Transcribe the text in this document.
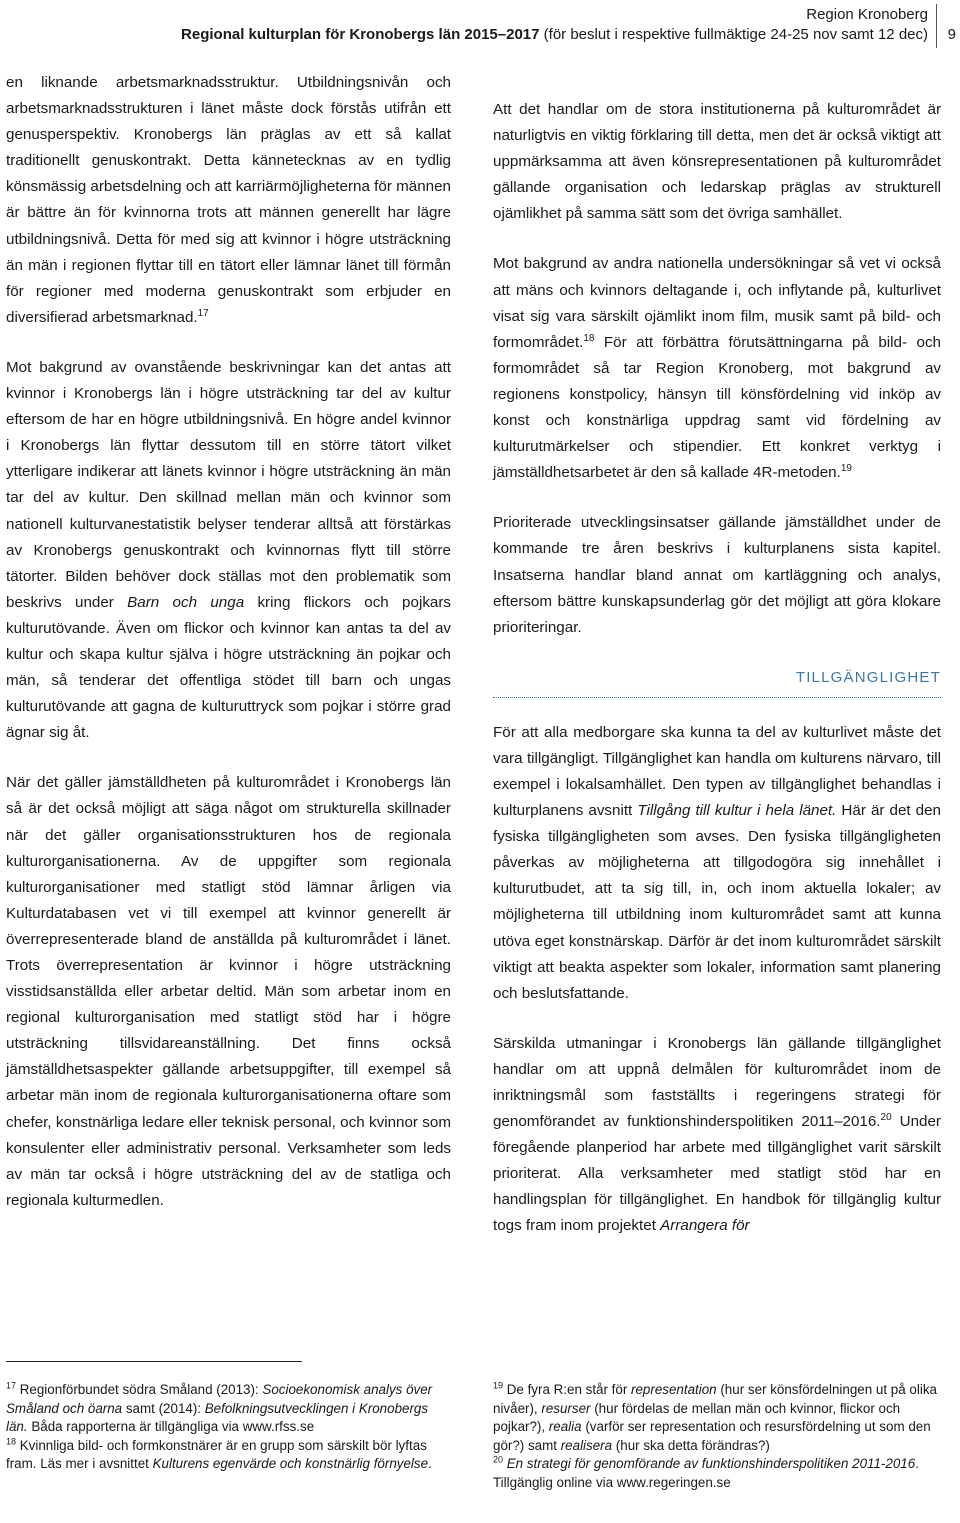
Region Kronoberg
Regional kulturplan för Kronobergs län 2015–2017 (för beslut i respektive fullmäktige 24-25 nov samt 12 dec) 9

en liknande arbetsmarknadsstruktur. Utbildningsnivån och arbetsmarknadsstrukturen i länet måste dock förstås utifrån ett genusperspektiv. Kronobergs län präglas av ett så kallat traditionellt genuskontrakt. Detta kännetecknas av en tydlig könsmässig arbetsdelning och att karriärmöjligheterna för männen är bättre än för kvinnorna trots att männen generellt har lägre utbildningsnivå. Detta för med sig att kvinnor i högre utsträckning än män i regionen flyttar till en tätort eller lämnar länet till förmån för regioner med moderna genuskontrakt som erbjuder en diversifierad arbetsmarknad.$^{17}$

Mot bakgrund av ovanstående beskrivningar kan det antas att kvinnor i Kronobergs län i högre utsträckning tar del av kultur eftersom de har en högre utbildningsnivå. En högre andel kvinnor i Kronobergs län flyttar dessutom till en större tätort vilket ytterligare indikerar att länets kvinnor i högre utsträckning än män tar del av kultur. Den skillnad mellan män och kvinnor som nationell kulturvanestatistik belyser tenderar alltså att förstärkas av Kronobergs genuskontrakt och kvinnornas flytt till större tätorter. Bilden behöver dock ställas mot den problematik som beskrivs under Barn och unga kring flickors och pojkars kulturutövande. Även om flickor och kvinnor kan antas ta del av kultur och skapa kultur själva i högre utsträckning än pojkar och män, så tenderar det offentliga stödet till barn och ungas kulturutövande att gagna de kulturuttryck som pojkar i större grad ägnar sig åt.

När det gäller jämställdheten på kulturområdet i Kronobergs län så är det också möjligt att säga något om strukturella skillnader när det gäller organisationsstrukturen hos de regionala kulturorganisationerna. Av de uppgifter som regionala kulturorganisationer med statligt stöd lämnar årligen via Kulturdatabasen vet vi till exempel att kvinnor generellt är överrepresenterade bland de anställda på kulturområdet i länet. Trots överrepresentation är kvinnor i högre utsträckning visstidsanställda eller arbetar deltid. Män som arbetar inom en regional kulturorganisation med statligt stöd har i högre utsträckning tillsvidareanställning. Det finns också jämställdhetsaspekter gällande arbetsuppgifter, till exempel så arbetar män inom de regionala kulturorganisationerna oftare som chefer, konstnärliga ledare eller teknisk personal, och kvinnor som konsulenter eller administrativ personal. Verksamheter som leds av män tar också i högre utsträckning del av de statliga och regionala kulturmedlen.

Att det handlar om de stora institutionerna på kulturområdet är naturligtvis en viktig förklaring till detta, men det är också viktigt att uppmärksamma att även könsrepresentationen på kulturområdet gällande organisation och ledarskap präglas av strukturell ojämlikhet på samma sätt som det övriga samhället.

Mot bakgrund av andra nationella undersökningar så vet vi också att mäns och kvinnors deltagande i, och inflytande på, kulturlivet visat sig vara särskilt ojämlikt inom film, musik samt på bild- och formområdet.$^{18}$ För att förbättra förutsättningarna på bild- och formområdet så tar Region Kronoberg, mot bakgrund av regionens konstpolicy, hänsyn till könsfördelning vid inköp av konst och konstnärliga uppdrag samt vid fördelning av kulturutmärkelser och stipendier. Ett konkret verktyg i jämställdhetsarbetet är den så kallade 4R-metoden.$^{19}$

Prioriterade utvecklingsinsatser gällande jämställdhet under de kommande tre åren beskrivs i kulturplanens sista kapitel. Insatserna handlar bland annat om kartläggning och analys, eftersom bättre kunskapsunderlag gör det möjligt att göra klokare prioriteringar.

TILLGÄNGLIGHET

För att alla medborgare ska kunna ta del av kulturlivet måste det vara tillgängligt. Tillgänglighet kan handla om kulturens närvaro, till exempel i lokalsamhället. Den typen av tillgänglighet behandlas i kulturplanens avsnitt Tillgång till kultur i hela länet. Här är det den fysiska tillgängligheten som avses. Den fysiska tillgängligheten påverkas av möjligheterna att tillgodogöra sig innehållet i kulturutbudet, att ta sig till, in, och inom aktuella lokaler; av möjligheterna till utbildning inom kulturområdet samt att kunna utöva eget konstnärskap. Därför är det inom kulturområdet särskilt viktigt att beakta aspekter som lokaler, information samt planering och beslutsfattande.

Särskilda utmaningar i Kronobergs län gällande tillgänglighet handlar om att uppnå delmålen för kulturområdet inom de inriktningsmål som fastställts i regeringens strategi för genomförandet av funktionshinderspolitiken 2011–2016.20 Under föregående planperiod har arbete med tillgänglighet varit särskilt prioriterat. Alla verksamheter med statligt stöd har en handlingsplan för tillgänglighet. En handbok för tillgänglig kultur togs fram inom projektet Arrangera för

$^{17}$ Regionförbundet södra Småland (2013): Socioekonomisk analys över Småland och öarna samt (2014): Befolkningsutvecklingen i Kronobergs län. Båda rapporterna är tillgängliga via www.rfss.se

$^{18}$ Kvinnliga bild- och formkonstnärer är en grupp som särskilt bör lyftas fram. Läs mer i avsnittet Kulturens egenvärde och konstnärlig förnyelse.

$^{19}$ De fyra R:en står för representation (hur ser könsfördelningen ut på olika nivåer), resurser (hur fördelas de mellan män och kvinnor, flickor och pojkar?), realia (varför ser representation och resursfördelning ut som den gör?) samt realisera (hur ska detta förändras?)

$^{20}$ En strategi för genomförande av funktionshinderspolitiken 2011-2016. Tillgänglig online via www.regeringen.se
